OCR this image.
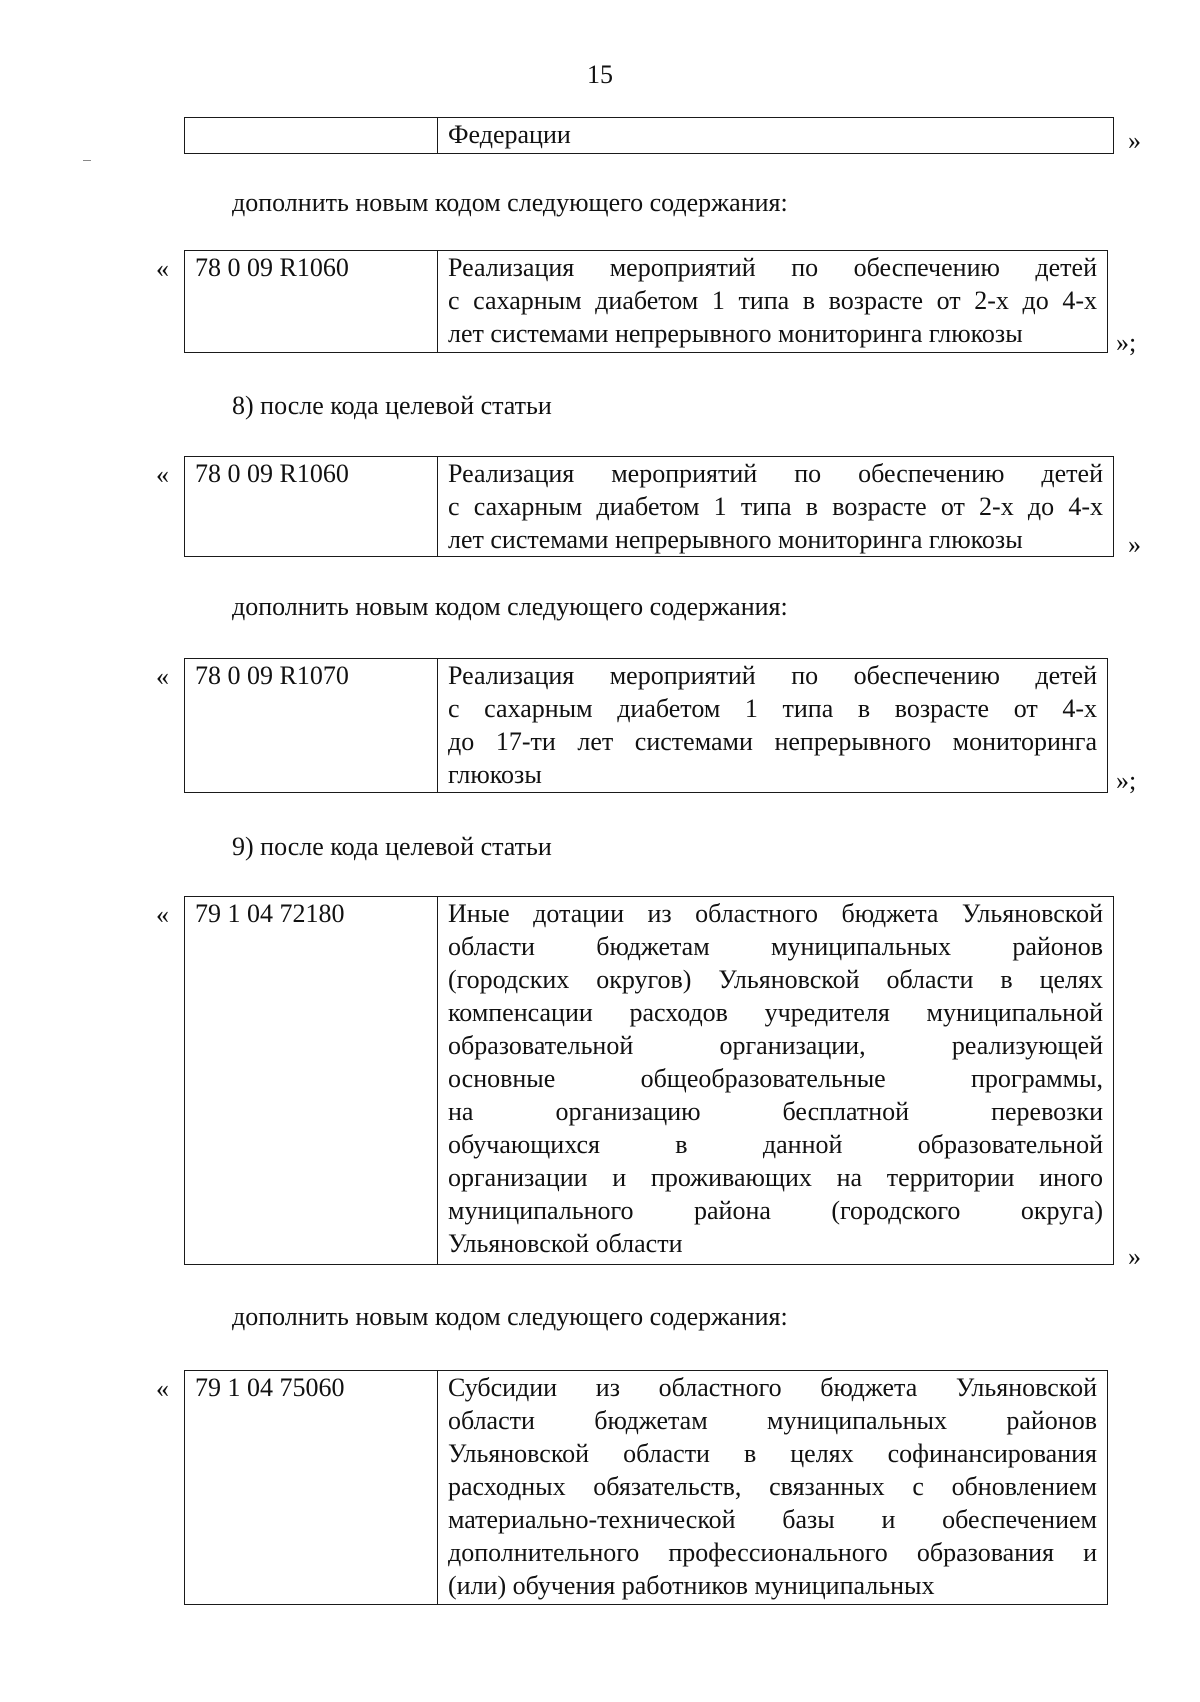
15

Федерации	»

дополнить новым кодом следующего содержания:

« 78 0 09 R1060	Реализация мероприятий по обеспечению детей

с сахарным диабетом 1 типа в возрасте от 2-х до 4-х

лет системами непрерывного мониторинга глюкозы	»;

8) после кода целевой статьи

« 78 0 09 R1060	Реализация мероприятий по обеспечению детей

с сахарным диабетом 1 типа в возрасте от 2-х до 4-х

лет системами непрерывного мониторинга глюкозы	»

дополнить новым кодом следующего содержания:

« 78 0 09 R1070	Реализация мероприятий по обеспечению детей

с сахарным диабетом 1 типа в возрасте от 4-х

до 17-ти лет системами непрерывного мониторинга

глюкозы	»;

9) после кода целевой статьи

« 79 1 04 72180	Иные дотации из областного бюджета Ульяновской

области бюджетам муниципальных районов

(городских округов) Ульяновской области в целях

компенсации расходов учредителя муниципальной

образовательной организации, реализующей

основные общеобразовательные программы,

на организацию бесплатной перевозки

обучающихся в данной образовательной

организации и проживающих на территории иного

муниципального района (городского округа)

Ульяновской области	»

дополнить новым кодом следующего содержания:

« 79 1 04 75060	Субсидии из областного бюджета Ульяновской

области бюджетам муниципальных районов

Ульяновской области в целях софинансирования

расходных обязательств, связанных с обновлением

материально-технической базы и обеспечением

дополнительного профессионального образования и

(или) обучения работников муниципальных
